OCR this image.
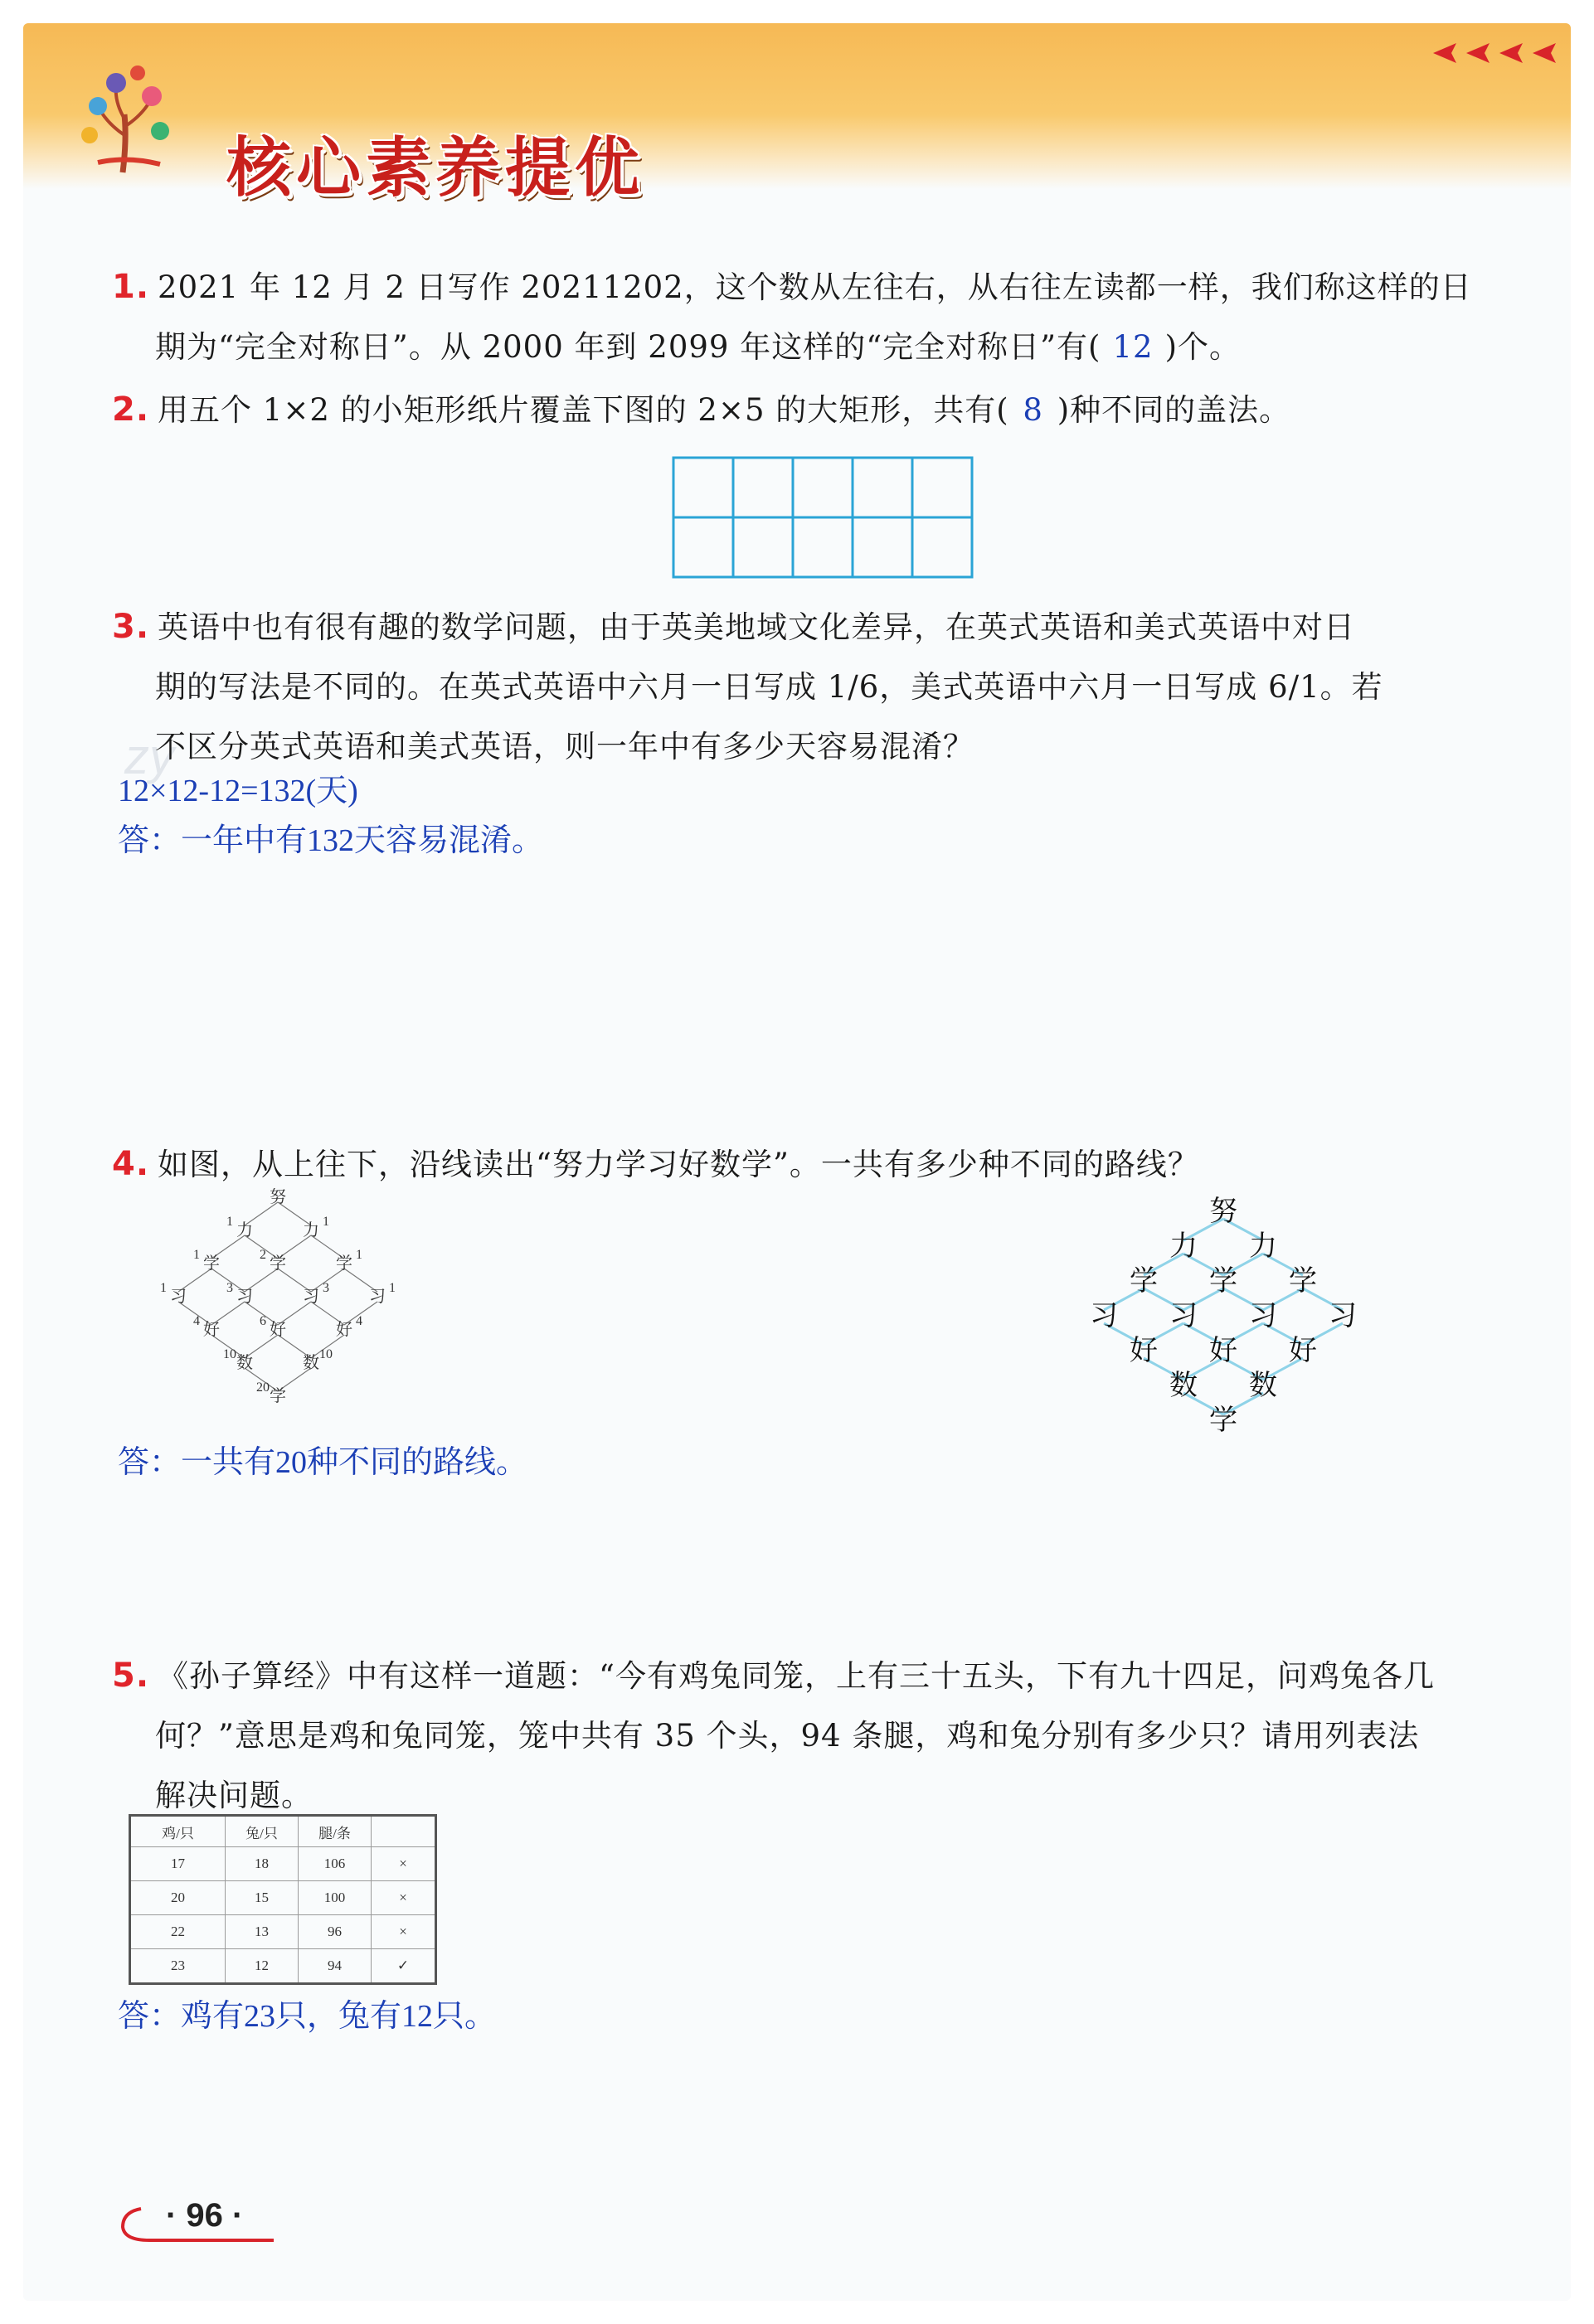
核心素养提优
zy
1. 2021 年 12 月 2 日写作 20211202，这个数从左往右，从右往左读都一样，我们称这样的日
期为“完全对称日”。从 2000 年到 2099 年这样的“完全对称日”有( 12 )个。
2. 用五个 1×2 的小矩形纸片覆盖下图的 2×5 的大矩形，共有( 8 )种不同的盖法。
3. 英语中也有很有趣的数学问题，由于英美地域文化差异，在英式英语和美式英语中对日
期的写法是不同的。在英式英语中六月一日写成 1/6，美式英语中六月一日写成 6/1。若
不区分英式英语和美式英语，则一年中有多少天容易混淆？
12×12-12=132(天)
答：一年中有132天容易混淆。
4. 如图，从上往下，沿线读出“努力学习好数学”。一共有多少种不同的路线？
努
力	力
学	学	学
习	习	习	习
好	好	好
数	数
学
1	1
1	2	1
1	3	3	1
4	6	4
10	10
20
努
力 力
学 学 学
习 习 习 习
好 好 好
数 数
学
答：一共有20种不同的路线。
5. 《孙子算经》中有这样一道题：“今有鸡兔同笼，上有三十五头，下有九十四足，问鸡兔各几
何？”意思是鸡和兔同笼，笼中共有 35 个头，94 条腿，鸡和兔分别有多少只？请用列表法
解决问题。
鸡/只	兔/只	腿/条	
17	18	106	×
20	15	100	×
22	13	96	×
23	12	94	✓
答：鸡有23只，兔有12只。
· 96 ·
